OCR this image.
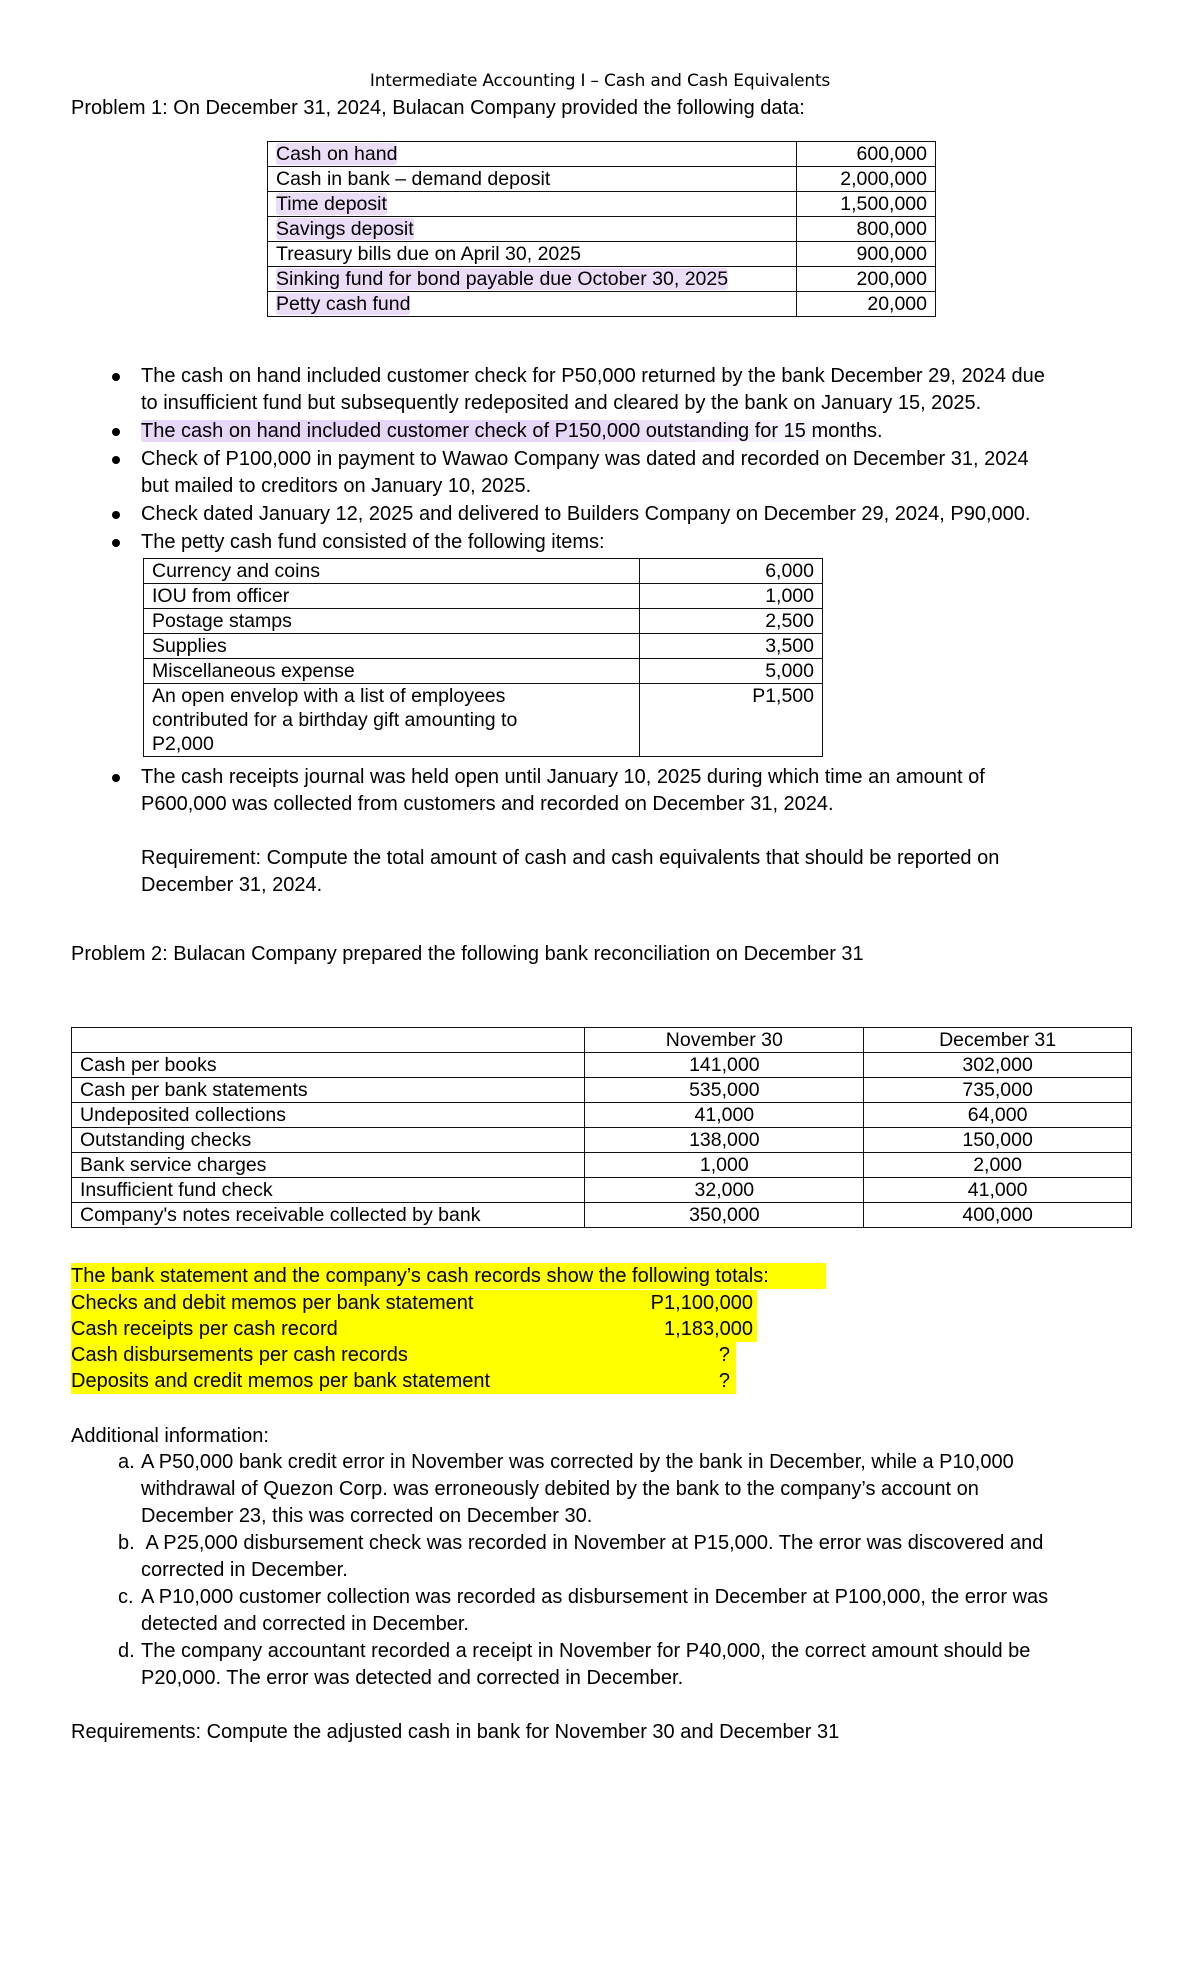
Intermediate Accounting I – Cash and Cash Equivalents
Problem 1: On December 31, 2024, Bulacan Company provided the following data:
Cash on hand	600,000
Cash in bank – demand deposit	2,000,000
Time deposit	1,500,000
Savings deposit	800,000
Treasury bills due on April 30, 2025	900,000
Sinking fund for bond payable due October 30, 2025	200,000
Petty cash fund	20,000
The cash on hand included customer check for P50,000 returned by the bank December 29, 2024 due
to insufficient fund but subsequently redeposited and cleared by the bank on January 15, 2025.
The cash on hand included customer check of P150,000 outstanding for 15 months.
Check of P100,000 in payment to Wawao Company was dated and recorded on December 31, 2024
but mailed to creditors on January 10, 2025.
Check dated January 12, 2025 and delivered to Builders Company on December 29, 2024, P90,000.
The petty cash fund consisted of the following items:
Currency and coins	6,000
IOU from officer	1,000
Postage stamps	2,500
Supplies	3,500
Miscellaneous expense	5,000

An open envelop with a list of employees
contributed for a birthday gift amounting to
P2,000	P1,500
The cash receipts journal was held open until January 10, 2025 during which time an amount of
P600,000 was collected from customers and recorded on December 31, 2024.
Requirement: Compute the total amount of cash and cash equivalents that should be reported on
December 31, 2024.
Problem 2: Bulacan Company prepared the following bank reconciliation on December 31
	November 30	December 31
Cash per books	141,000	302,000
Cash per bank statements	535,000	735,000
Undeposited collections	41,000	64,000
Outstanding checks	138,000	150,000
Bank service charges	1,000	2,000
Insufficient fund check	32,000	41,000
Company's notes receivable collected by bank	350,000	400,000
The bank statement and the company’s cash records show the following totals:
Checks and debit memos per bank statement	P1,100,000
Cash receipts per cash record	1,183,000
Cash disbursements per cash records	?
Deposits and credit memos per bank statement	?
Additional information:
a. A P50,000 bank credit error in November was corrected by the bank in December, while a P10,000
withdrawal of Quezon Corp. was erroneously debited by the bank to the company’s account on
December 23, this was corrected on December 30.
b. A P25,000 disbursement check was recorded in November at P15,000. The error was discovered and
corrected in December.
c. A P10,000 customer collection was recorded as disbursement in December at P100,000, the error was
detected and corrected in December.
d. The company accountant recorded a receipt in November for P40,000, the correct amount should be
P20,000. The error was detected and corrected in December.
Requirements: Compute the adjusted cash in bank for November 30 and December 31
